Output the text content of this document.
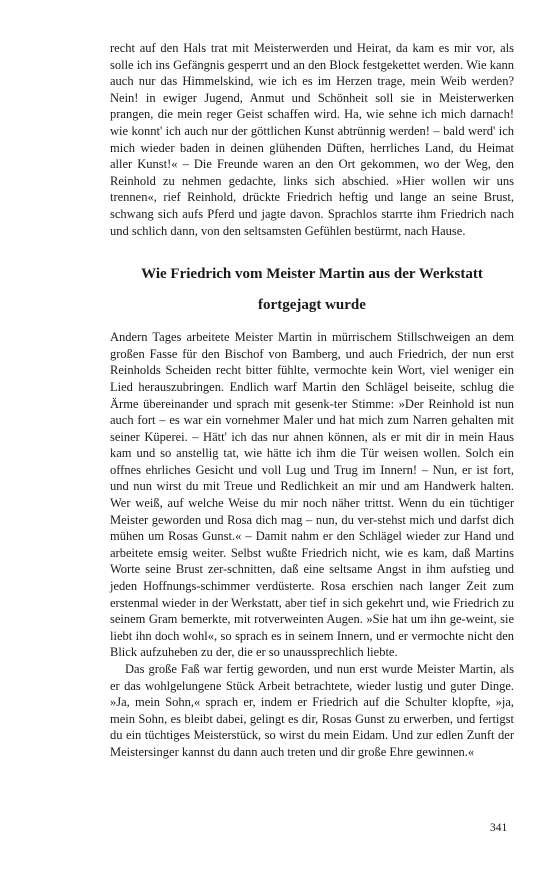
recht auf den Hals trat mit Meisterwerden und Heirat, da kam es mir vor, als solle ich ins Gefängnis gesperrt und an den Block festgekettet werden. Wie kann auch nur das Himmelskind, wie ich es im Herzen trage, mein Weib werden? Nein! in ewiger Jugend, Anmut und Schönheit soll sie in Meisterwerken prangen, die mein reger Geist schaffen wird. Ha, wie sehne ich mich darnach! wie konnt' ich auch nur der göttlichen Kunst abtrünnig werden! – bald werd' ich mich wieder baden in deinen glühenden Düften, herrliches Land, du Heimat aller Kunst!« – Die Freunde waren an den Ort gekommen, wo der Weg, den Reinhold zu nehmen gedachte, links sich abschied. »Hier wollen wir uns trennen«, rief Reinhold, drückte Friedrich heftig und lange an seine Brust, schwang sich aufs Pferd und jagte davon. Sprachlos starrte ihm Friedrich nach und schlich dann, von den seltsamsten Gefühlen bestürmt, nach Hause.

Wie Friedrich vom Meister Martin aus der Werkstatt fortgejagt wurde

Andern Tages arbeitete Meister Martin in mürrischem Stillschweigen an dem großen Fasse für den Bischof von Bamberg, und auch Friedrich, der nun erst Reinholds Scheiden recht bitter fühlte, vermochte kein Wort, viel weniger ein Lied herauszubringen. Endlich warf Martin den Schlägel beiseite, schlug die Ärme übereinander und sprach mit gesenk-ter Stimme: »Der Reinhold ist nun auch fort – es war ein vornehmer Maler und hat mich zum Narren gehalten mit seiner Küperei. – Hätt' ich das nur ahnen können, als er mit dir in mein Haus kam und so anstellig tat, wie hätte ich ihm die Tür weisen wollen. Solch ein offnes ehrliches Gesicht und voll Lug und Trug im Innern! – Nun, er ist fort, und nun wirst du mit Treue und Redlichkeit an mir und am Handwerk halten. Wer weiß, auf welche Weise du mir noch näher trittst. Wenn du ein tüchtiger Meister geworden und Rosa dich mag – nun, du ver-stehst mich und darfst dich mühen um Rosas Gunst.« – Damit nahm er den Schlägel wieder zur Hand und arbeitete emsig weiter. Selbst wußte Friedrich nicht, wie es kam, daß Martins Worte seine Brust zer-schnitten, daß eine seltsame Angst in ihm aufstieg und jeden Hoffnungs-schimmer verdüsterte. Rosa erschien nach langer Zeit zum erstenmal wieder in der Werkstatt, aber tief in sich gekehrt und, wie Friedrich zu seinem Gram bemerkte, mit rotverweinten Augen. »Sie hat um ihn ge-weint, sie liebt ihn doch wohl«, so sprach es in seinem Innern, und er vermochte nicht den Blick aufzuheben zu der, die er so unaussprechlich liebte.

Das große Faß war fertig geworden, und nun erst wurde Meister Martin, als er das wohlgelungene Stück Arbeit betrachtete, wieder lustig und guter Dinge. »Ja, mein Sohn,« sprach er, indem er Friedrich auf die Schulter klopfte, »ja, mein Sohn, es bleibt dabei, gelingt es dir, Rosas Gunst zu erwerben, und fertigst du ein tüchtiges Meisterstück, so wirst du mein Eidam. Und zur edlen Zunft der Meistersinger kannst du dann auch treten und dir große Ehre gewinnen.«

341
